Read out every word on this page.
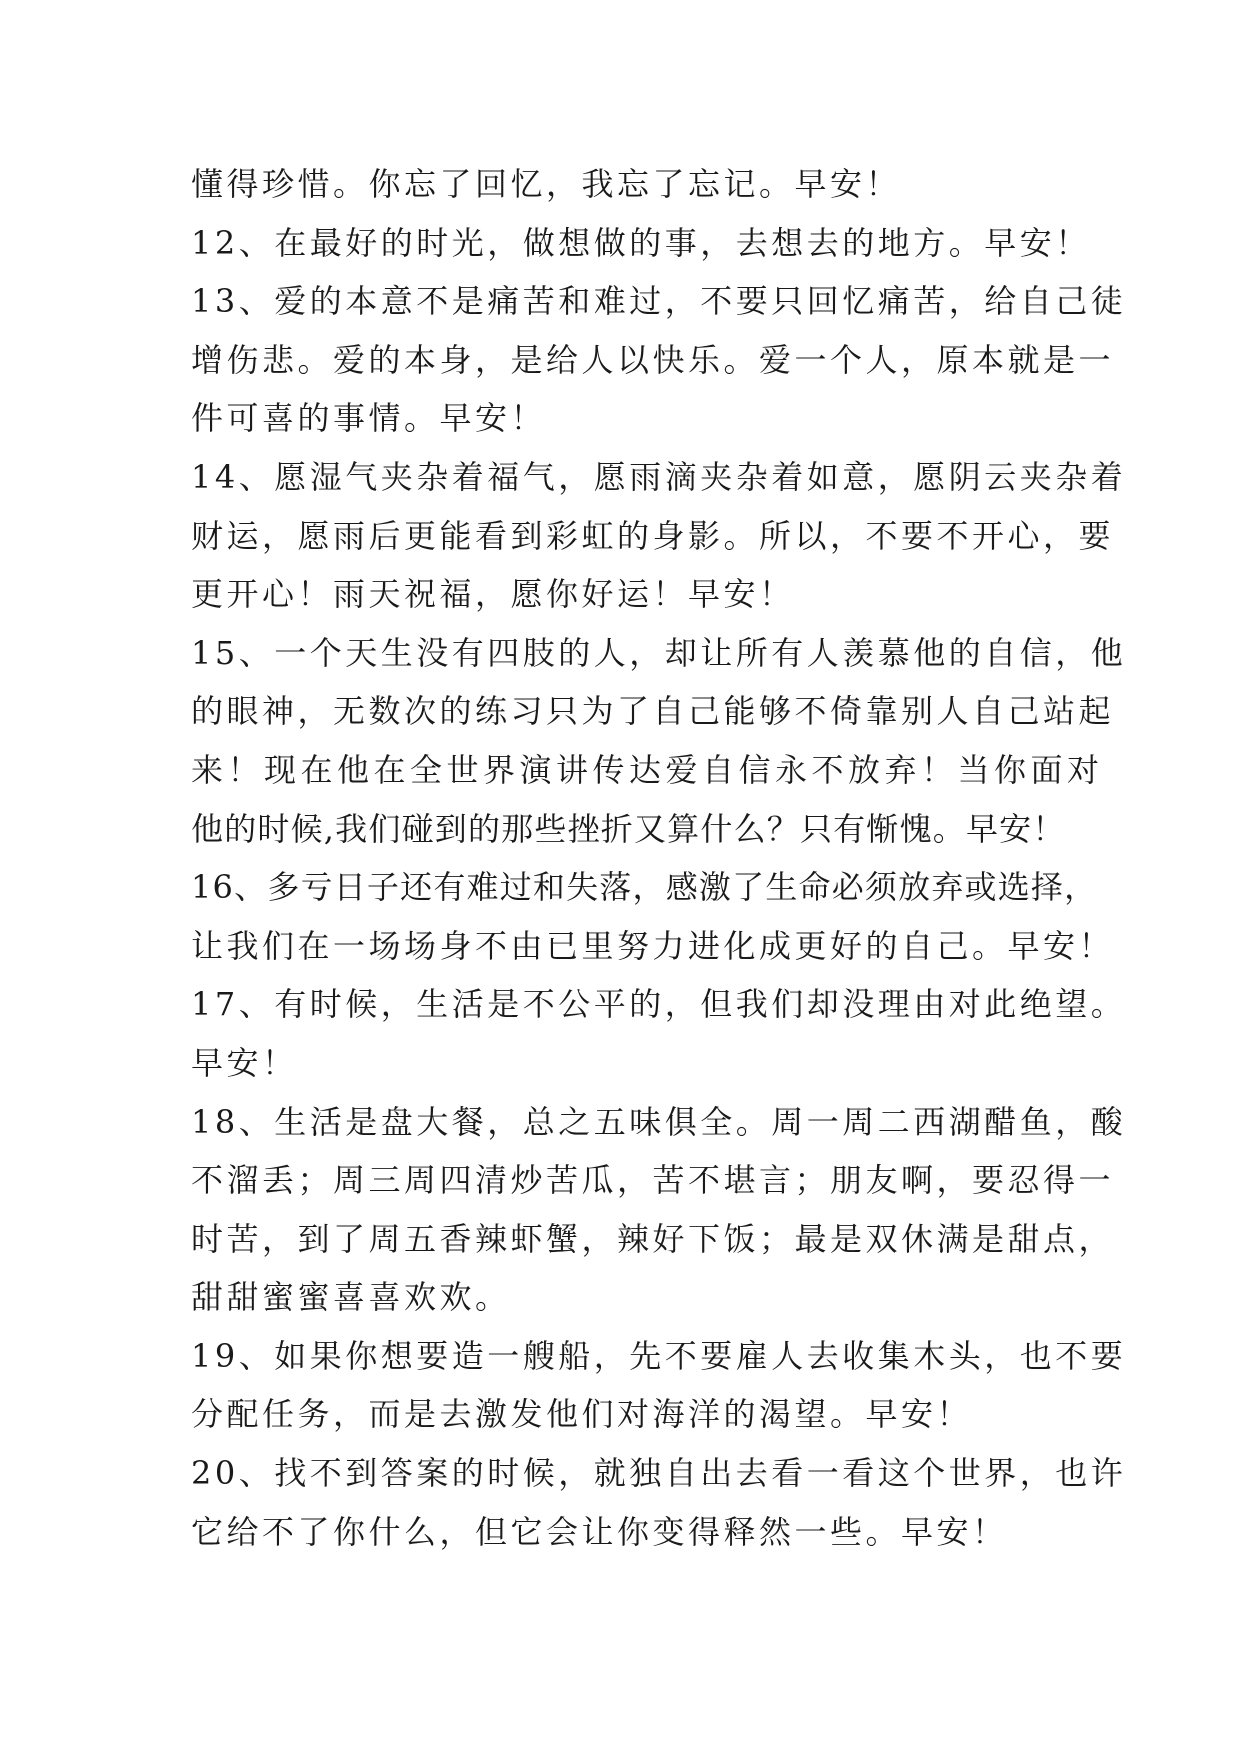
懂得珍惜。你忘了回忆，我忘了忘记。早安！
12、在最好的时光，做想做的事，去想去的地方。早安！
13、爱的本意不是痛苦和难过，不要只回忆痛苦，给自己徒
增伤悲。爱的本身，是给人以快乐。爱一个人，原本就是一
件可喜的事情。早安！
14、愿湿气夹杂着福气，愿雨滴夹杂着如意，愿阴云夹杂着
财运，愿雨后更能看到彩虹的身影。所以，不要不开心，要
更开心！雨天祝福，愿你好运！早安！
15、一个天生没有四肢的人，却让所有人羡慕他的自信，他
的眼神，无数次的练习只为了自己能够不倚靠别人自己站起
来！现在他在全世界演讲传达爱自信永不放弃！当你面对
他的时候,我们碰到的那些挫折又算什么？只有惭愧。早安！
16、多亏日子还有难过和失落，感激了生命必须放弃或选择，
让我们在一场场身不由已里努力进化成更好的自己。早安！
17、有时候，生活是不公平的，但我们却没理由对此绝望。
早安！
18、生活是盘大餐，总之五味俱全。周一周二西湖醋鱼，酸
不溜丢；周三周四清炒苦瓜，苦不堪言；朋友啊，要忍得一
时苦，到了周五香辣虾蟹，辣好下饭；最是双休满是甜点，
甜甜蜜蜜喜喜欢欢。
19、如果你想要造一艘船，先不要雇人去收集木头，也不要
分配任务，而是去激发他们对海洋的渴望。早安！
20、找不到答案的时候，就独自出去看一看这个世界，也许
它给不了你什么，但它会让你变得释然一些。早安！
